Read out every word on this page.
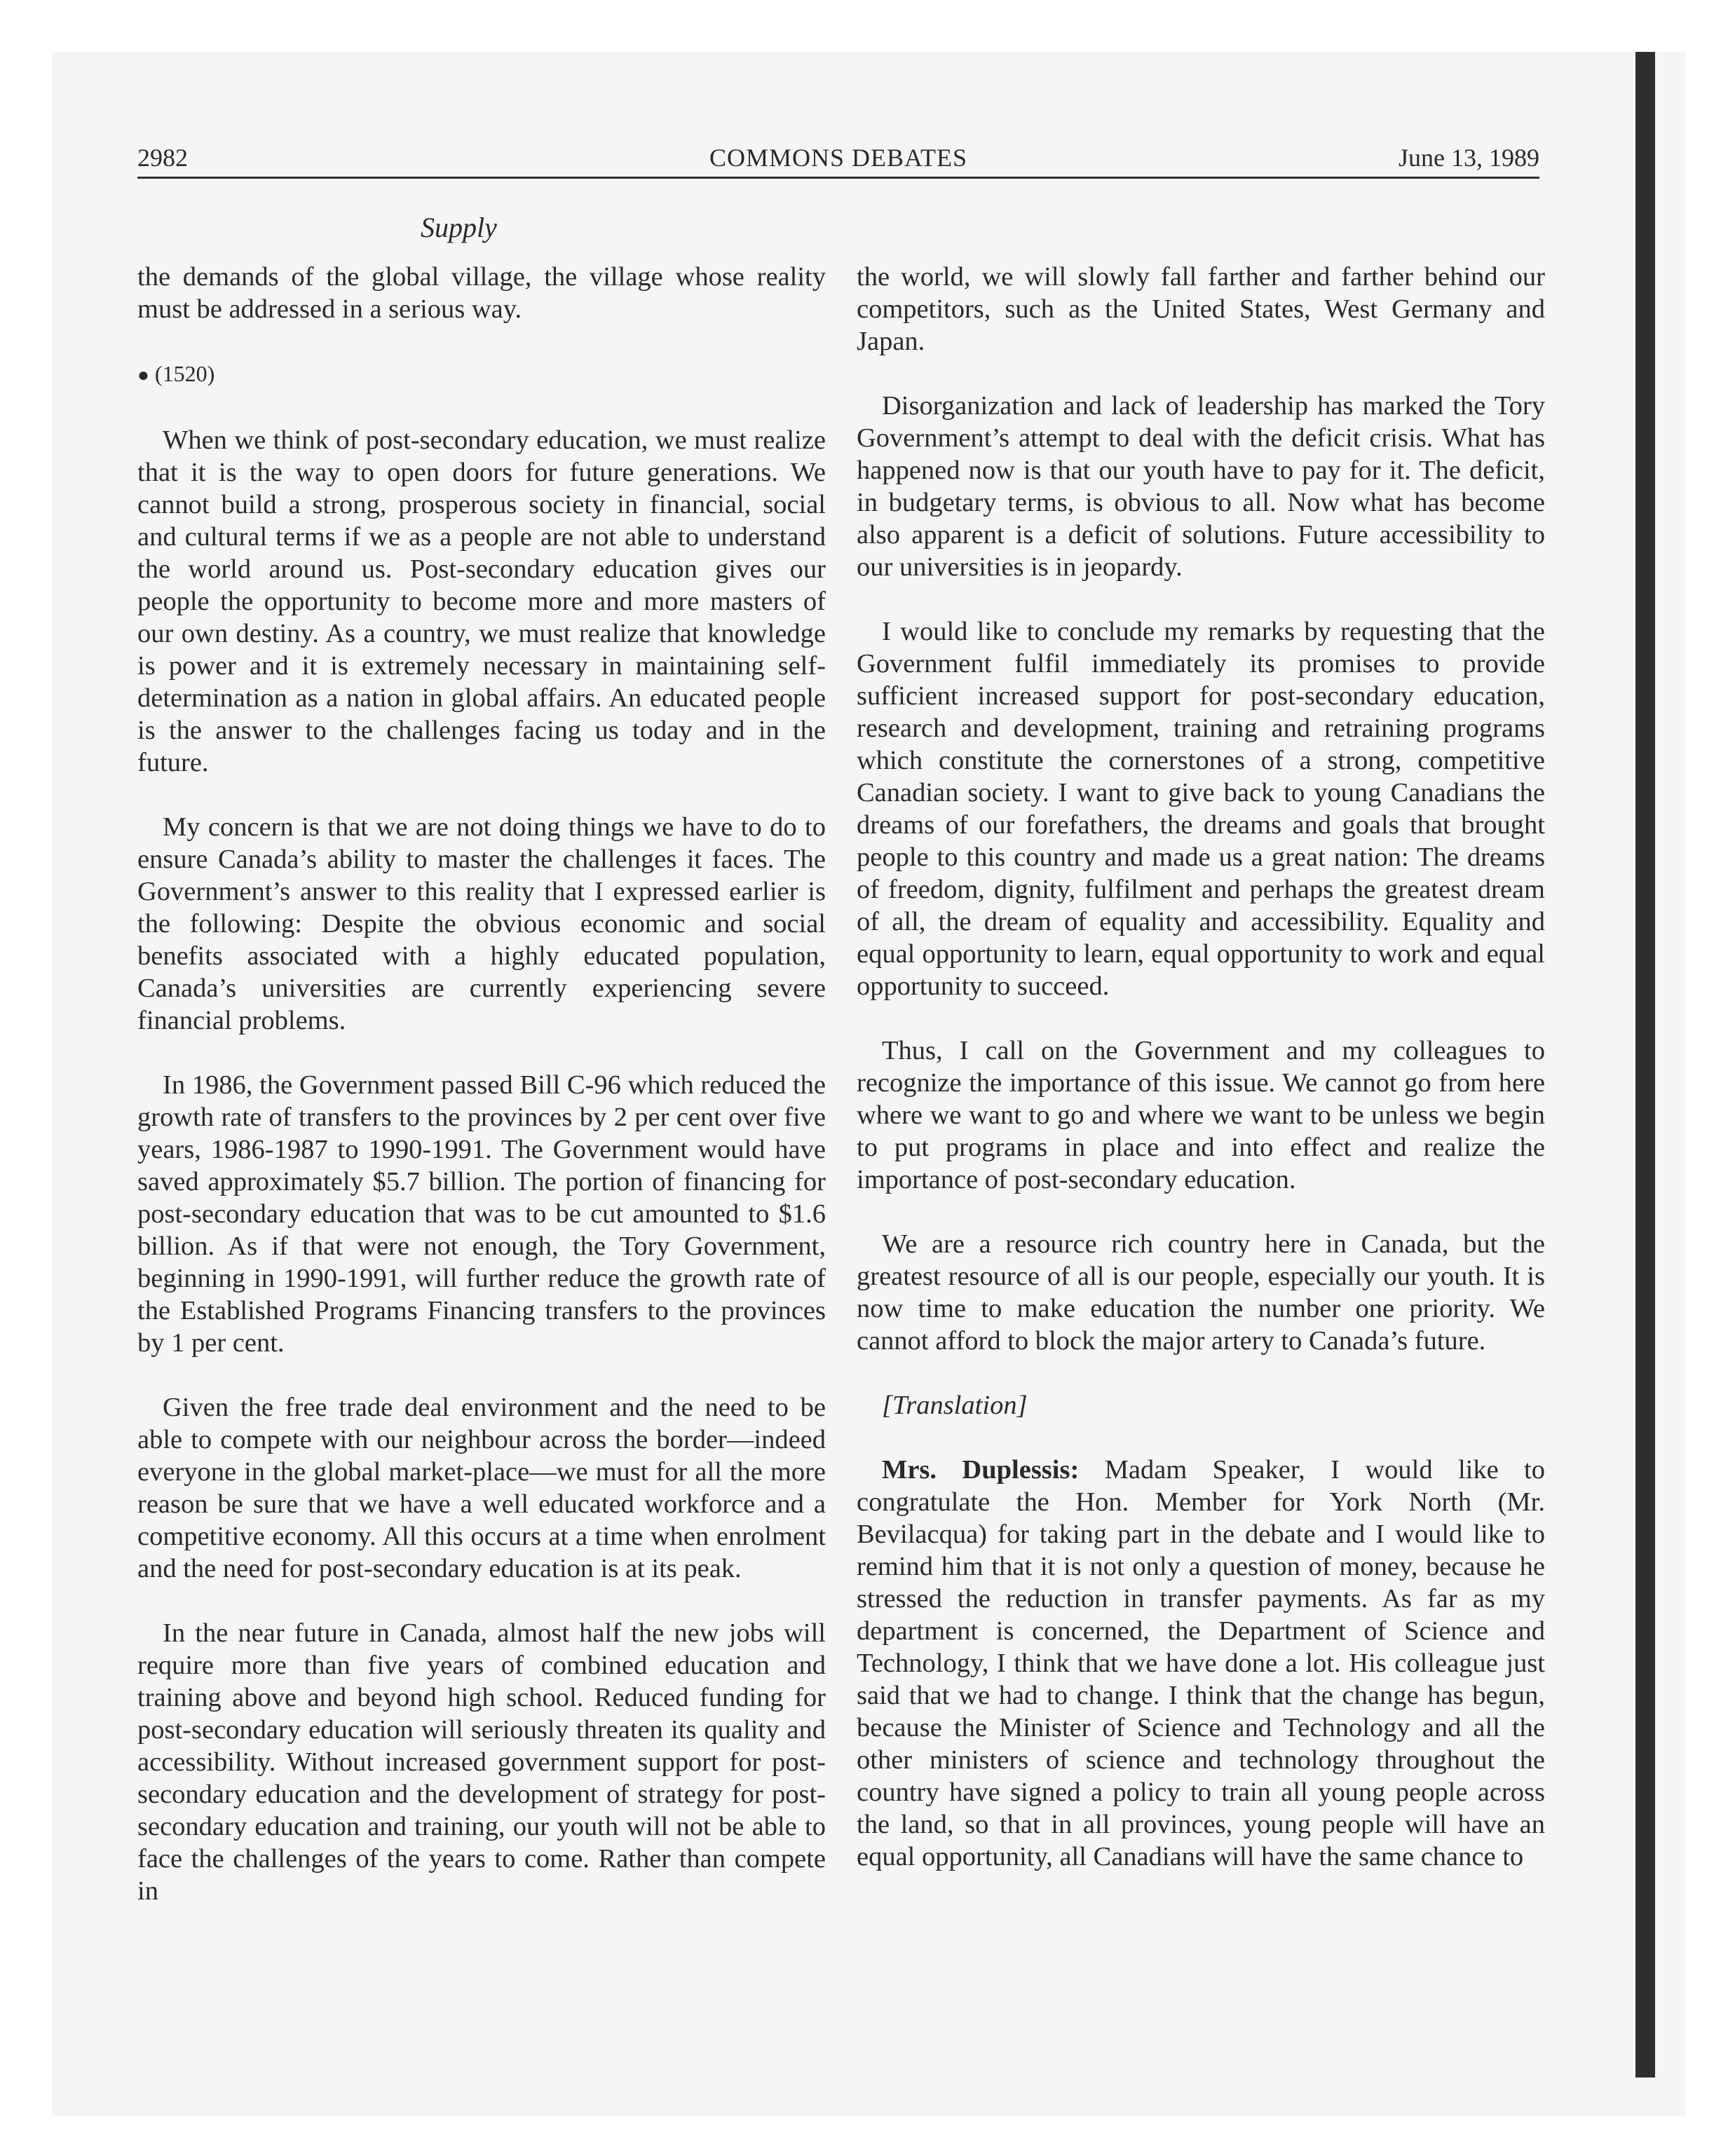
2982	COMMONS DEBATES	June 13, 1989
Supply

the demands of the global village, the village whose reality must be addressed in a serious way.

● (1520)

When we think of post-secondary education, we must realize that it is the way to open doors for future generations. We cannot build a strong, prosperous society in financial, social and cultural terms if we as a people are not able to understand the world around us. Post-secondary education gives our people the opportunity to become more and more masters of our own destiny. As a country, we must realize that knowledge is power and it is extremely necessary in maintaining self-determination as a nation in global affairs. An educated people is the answer to the challenges facing us today and in the future.

My concern is that we are not doing things we have to do to ensure Canada’s ability to master the challenges it faces. The Government’s answer to this reality that I expressed earlier is the following: Despite the obvious economic and social benefits associated with a highly educated population, Canada’s universities are currently experiencing severe financial problems.

In 1986, the Government passed Bill C-96 which reduced the growth rate of transfers to the provinces by 2 per cent over five years, 1986-1987 to 1990-1991. The Government would have saved approximately $5.7 billion. The portion of financing for post-secondary education that was to be cut amounted to $1.6 billion. As if that were not enough, the Tory Government, beginning in 1990-1991, will further reduce the growth rate of the Established Programs Financing transfers to the provinces by 1 per cent.

Given the free trade deal environment and the need to be able to compete with our neighbour across the border—indeed everyone in the global market-place—we must for all the more reason be sure that we have a well educated workforce and a competitive economy. All this occurs at a time when enrolment and the need for post-secondary education is at its peak.

In the near future in Canada, almost half the new jobs will require more than five years of combined education and training above and beyond high school. Reduced funding for post-secondary education will seriously threaten its quality and accessibility. Without increased government support for post-secondary education and the development of strategy for post-secondary education and training, our youth will not be able to face the challenges of the years to come. Rather than compete in

the world, we will slowly fall farther and farther behind our competitors, such as the United States, West Germany and Japan.

Disorganization and lack of leadership has marked the Tory Government’s attempt to deal with the deficit crisis. What has happened now is that our youth have to pay for it. The deficit, in budgetary terms, is obvious to all. Now what has become also apparent is a deficit of solutions. Future accessibility to our universities is in jeopardy.

I would like to conclude my remarks by requesting that the Government fulfil immediately its promises to provide sufficient increased support for post-secondary education, research and development, training and retraining programs which constitute the cornerstones of a strong, competitive Canadian society. I want to give back to young Canadians the dreams of our forefathers, the dreams and goals that brought people to this country and made us a great nation: The dreams of freedom, dignity, fulfilment and perhaps the greatest dream of all, the dream of equality and accessibility. Equality and equal opportunity to learn, equal opportunity to work and equal opportunity to succeed.

Thus, I call on the Government and my colleagues to recognize the importance of this issue. We cannot go from here where we want to go and where we want to be unless we begin to put programs in place and into effect and realize the importance of post-secondary education.

We are a resource rich country here in Canada, but the greatest resource of all is our people, especially our youth. It is now time to make education the number one priority. We cannot afford to block the major artery to Canada’s future.

[Translation]

Mrs. Duplessis: Madam Speaker, I would like to congratulate the Hon. Member for York North (Mr. Bevilacqua) for taking part in the debate and I would like to remind him that it is not only a question of money, because he stressed the reduction in transfer payments. As far as my department is concerned, the Department of Science and Technology, I think that we have done a lot. His colleague just said that we had to change. I think that the change has begun, because the Minister of Science and Technology and all the other ministers of science and technology throughout the country have signed a policy to train all young people across the land, so that in all provinces, young people will have an equal opportunity, all Canadians will have the same chance to
